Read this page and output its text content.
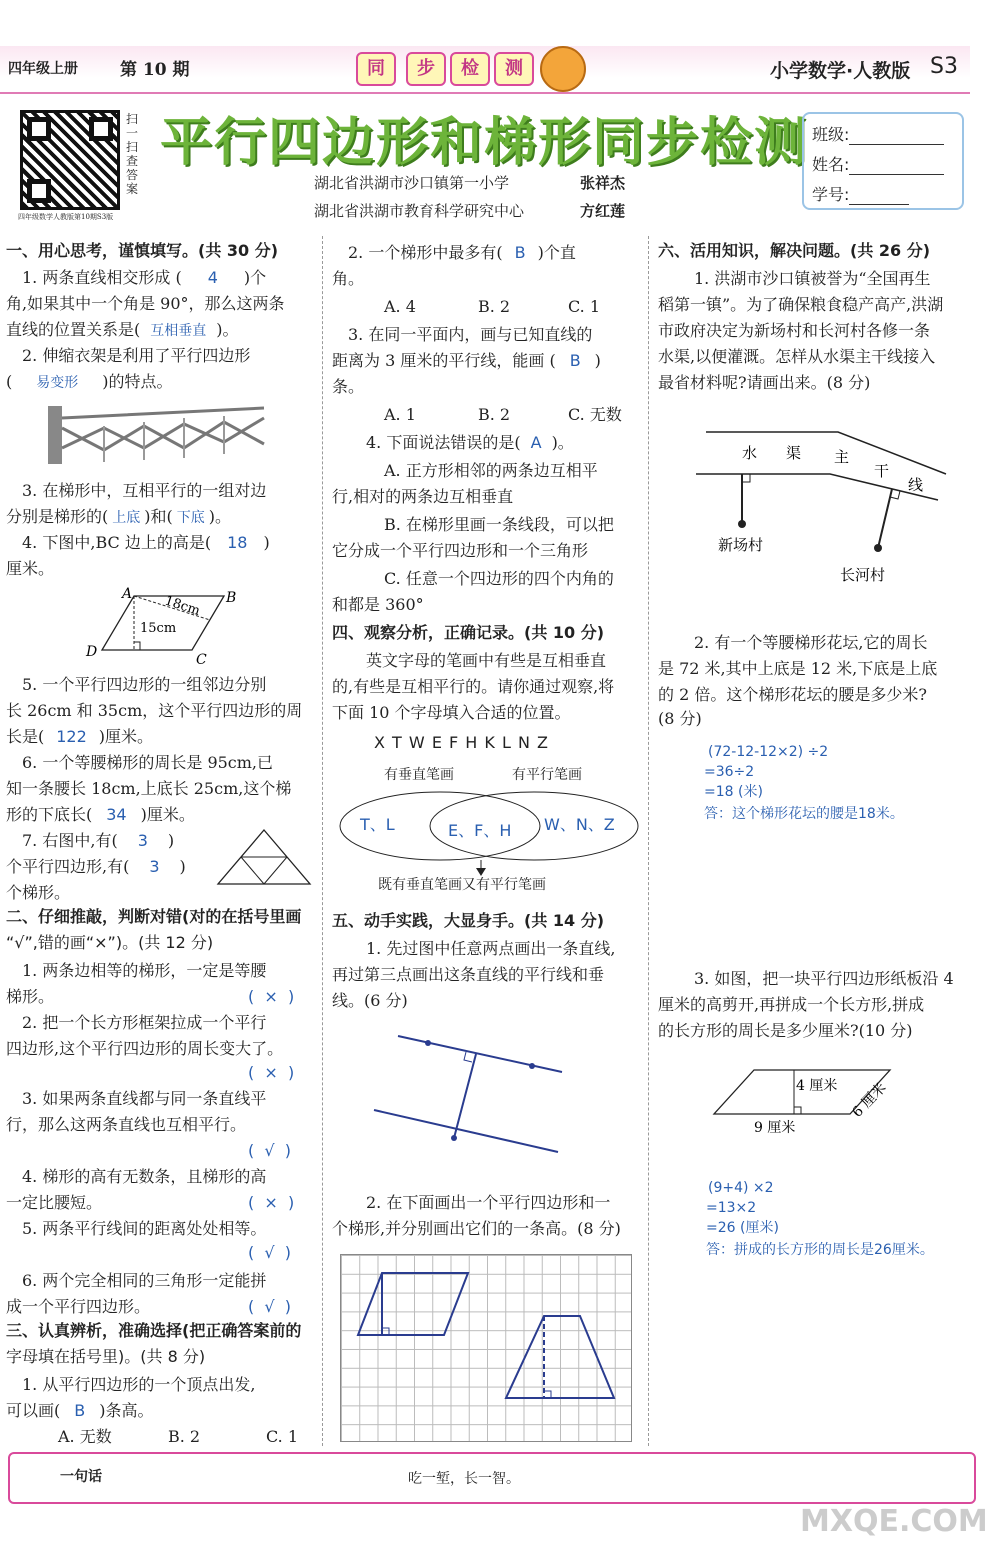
四年级上册 第 10 期	同	步	检	测	小学数学·人教版 S3
扫一扫 查答案
四年级数学人教版第10期S3版
平行四边形和梯形同步检测
湖北省洪湖市沙口镇第一小学	张祥杰
湖北省洪湖市教育科学研究中心	方红莲
班级:
姓名:
学号:
一、用心思考，谨慎填写。(共 30 分)
1. 两条直线相交形成 ( 4 )个
角,如果其中一个角是 90°，那么这两条
直线的位置关系是( 互相垂直 )。
2. 伸缩衣架是利用了平行四边形
( 易变形 )的特点。
3. 在梯形中，互相平行的一组对边
分别是梯形的( 上底 )和( 下底 )。
4. 下图中,BC 边上的高是( 18 )
厘米。
A	B
C
D
18cm
15cm
5. 一个平行四边形的一组邻边分别
长 26cm 和 35cm，这个平行四边形的周
长是( 122 )厘米。
6. 一个等腰梯形的周长是 95cm,已
知一条腰长 18cm,上底长 25cm,这个梯
形的下底长( 34 )厘米。
7. 右图中,有( 3 )
个平行四边形,有( 3 )
个梯形。
二、仔细推敲，判断对错(对的在括号里画
“√”,错的画“×”)。(共 12 分)
1. 两条边相等的梯形，一定是等腰
梯形。	(  ×  )
2. 把一个长方形框架拉成一个平行
四边形,这个平行四边形的周长变大了。
(  ×  )
3. 如果两条直线都与同一条直线平
行，那么这两条直线也互相平行。
(  √  )
4. 梯形的高有无数条，且梯形的高
一定比腰短。	(  ×  )
5. 两条平行线间的距离处处相等。
(  √  )
6. 两个完全相同的三角形一定能拼
成一个平行四边形。	(  √  )
三、认真辨析，准确选择(把正确答案前的
字母填在括号里)。(共 8 分)
1. 从平行四边形的一个顶点出发,
可以画( B )条高。
A. 无数	B. 2	C. 1
2. 一个梯形中最多有( B )个直
角。
A. 4	B. 2	C. 1
3. 在同一平面内，画与已知直线的
距离为 3 厘米的平行线，能画 ( B )
条。
A. 1	B. 2	C. 无数
4. 下面说法错误的是( A )。
A. 正方形相邻的两条边互相平
行,相对的两条边互相垂直
B. 在梯形里画一条线段，可以把
它分成一个平行四边形和一个三角形
C. 任意一个四边形的四个内角的
和都是 360°
四、观察分析，正确记录。(共 10 分)
英文字母的笔画中有些是互相垂直
的,有些是互相平行的。请你通过观察,将
下面 10 个字母填入合适的位置。
X T W E F H K L N Z
有垂直笔画	有平行笔画
T、L	E、F、H W、N、Z
既有垂直笔画又有平行笔画
五、动手实践，大显身手。(共 14 分)
1. 先过图中任意两点画出一条直线,
再过第三点画出这条直线的平行线和垂
线。(6 分)
2. 在下面画出一个平行四边形和一
个梯形,并分别画出它们的一条高。(8 分)
六、活用知识，解决问题。(共 26 分)
1. 洪湖市沙口镇被誉为“全国再生
稻第一镇”。为了确保粮食稳产高产,洪湖
市政府决定为新场村和长河村各修一条
水渠,以便灌溉。怎样从水渠主干线接入
最省材料呢?请画出来。(8 分)
水 渠 主
干
线
新场村
长河村
2. 有一个等腰梯形花坛,它的周长
是 72 米,其中上底是 12 米,下底是上底
的 2 倍。这个梯形花坛的腰是多少米?
(8 分)
(72-12-12×2) ÷2
=36÷2
=18 (米)
答：这个梯形花坛的腰是18米。
3. 如图，把一块平行四边形纸板沿 4
厘米的高剪开,再拼成一个长方形,拼成
的长方形的周长是多少厘米?(10 分)
4 厘米 6 厘米
9 厘米
(9+4) ×2
=13×2
=26 (厘米)
答：拼成的长方形的周长是26厘米。
一句话	吃一堑，长一智。
MXQE.COM
